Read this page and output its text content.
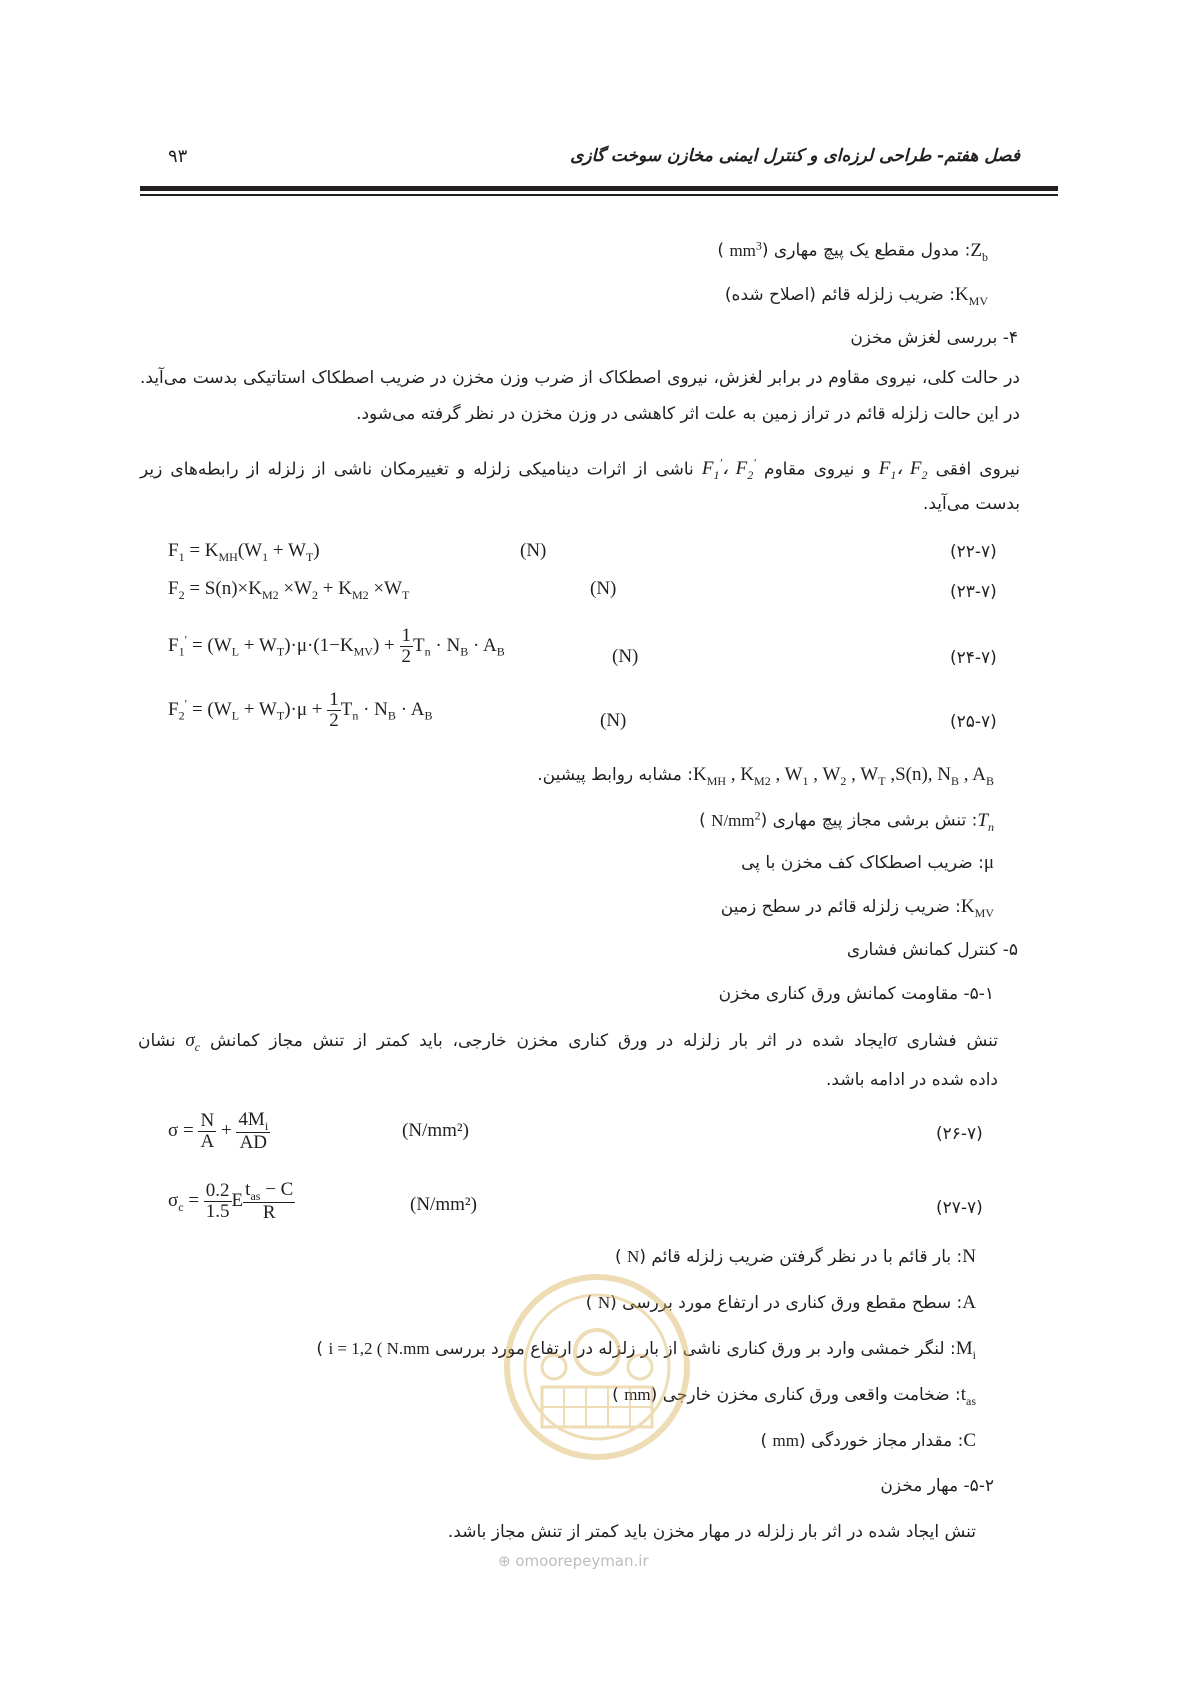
فصل هفتم- طراحی لرزه‌ای و کنترل ایمنی مخازن سوخت گازی
۹۳
$Z_b$: مدول مقطع یک پیچ مهاری ($mm^3$ )
$K_{MV}$: ضریب زلزله قائم (اصلاح شده)
۴- بررسی لغزش مخزن
در حالت کلی، نیروی مقاوم در برابر لغزش، نیروی اصطکاک از ضرب وزن مخزن در ضریب اصطکاک استاتیکی بدست می‌آید. در این حالت زلزله قائم در تراز زمین به علت اثر کاهشی در وزن مخزن در نظر گرفته می‌شود.
نیروی افقی $F_1،$ $F_2$ و نیروی مقاوم $F_1'،$ $F_2'$ ناشی از اثرات دینامیکی زلزله و تغییرمکان ناشی از زلزله از رابطه‌های زیر
بدست می‌آید.
$F_1 = K_{MH}(W_1 + W_T)$	(N)	(۲۲-۷)
$F_2 = S(n)\times K_{M2} \times W_2 + K_{M2} \times W_T$	(N)	(۲۳-۷)
$F_1' = (W_L + W_T)\cdot\mu\cdot(1-K_{MV}) + \frac{1}{2} T_n \cdot N_B \cdot A_B$	(N)	(۲۴-۷)
$F_2' = (W_L + W_T)\cdot\mu + \frac{1}{2} T_n \cdot N_B \cdot A_B$	(N)	(۲۵-۷)
$K_{MH}$ , $K_{M2}$ , $W_1$ , $W_2$ , $W_T$ ,S(n), $N_B$ , $A_B$: مشابه روابط پیشین.
$T_n$: تنش برشی مجاز پیچ مهاری ($N/mm^2$ )
μ: ضریب اصطکاک کف مخزن با پی
$K_{MV}$: ضریب زلزله قائم در سطح زمین
۵- کنترل کمانش فشاری
۵-۱- مقاومت کمانش ورق کناری مخزن
تنش فشاری σایجاد شده در اثر بار زلزله در ورق کناری مخزن خارجی، باید کمتر از تنش مجاز کمانش $\sigma_c$ نشان
داده شده در ادامه باشد.
$\sigma = \frac{N}{A} + \frac{4M_i}{AD}$	(N/mm²)	(۲۶-۷)
$\sigma_c = \frac{0.2}{1.5}$ E $\frac{t_{as} - C}{R}$	(N/mm²)	(۲۷-۷)
N: بار قائم با در نظر گرفتن ضریب زلزله قائم (N )
A: سطح مقطع ورق کناری در ارتفاع مورد بررسی (N )
$M_i$: لنگر خمشی وارد بر ورق کناری ناشی از بار زلزله در ارتفاع مورد بررسی i = 1,2 ( N.mm )
$t_{as}$: ضخامت واقعی ورق کناری مخزن خارجی (mm )
C: مقدار مجاز خوردگی (mm )
۵-۲- مهار مخزن
تنش ایجاد شده در اثر بار زلزله در مهار مخزن باید کمتر از تنش مجاز باشد.
⊕ omoorepeyman.ir
